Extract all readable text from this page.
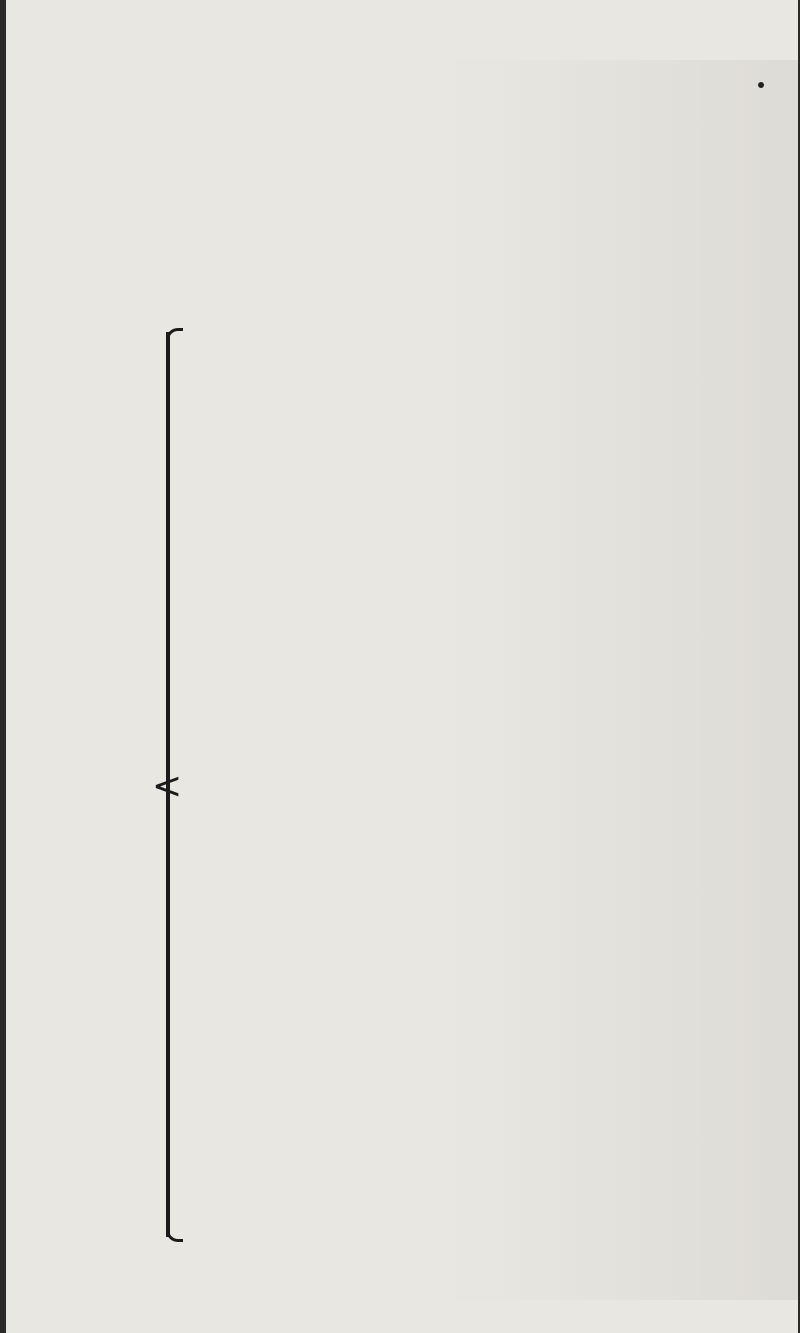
<
